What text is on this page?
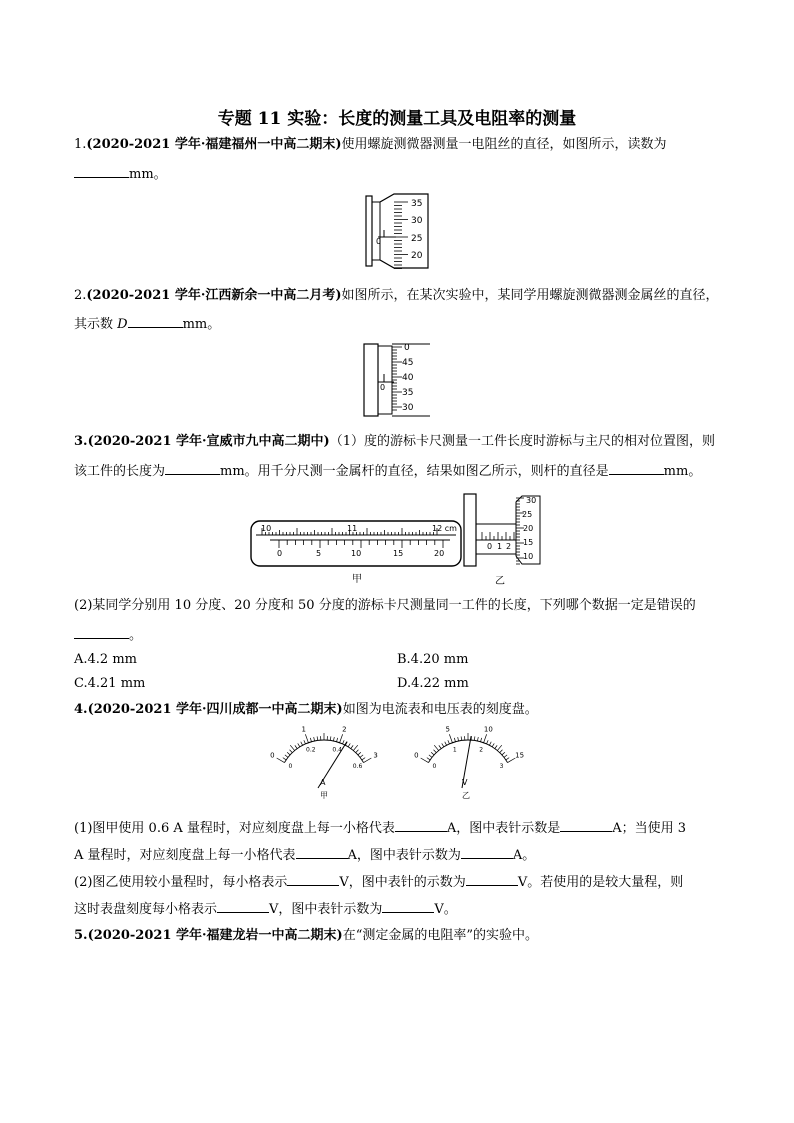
专题 11 实验：长度的测量工具及电阻率的测量
1.(2020-2021 学年·福建福州一中高二期末)使用螺旋测微器测量一电阻丝的直径，如图所示，读数为
mm。
35
30
25
20
0
2.(2020-2021 学年·江西新余一中高二月考)如图所示，在某次实验中，某同学用螺旋测微器测金属丝的直径，
其示数 D	mm。
0
45
40
35
30
0
3.(2020-2021 学年·宣威市九中高二期中)（1）度的游标卡尺测量一工件长度时游标与主尺的相对位置图，则
该工件的长度为	mm。用千分尺测一金属杆的直径，结果如图乙所示，则杆的直径是	mm。
10	11	12 cm
0	5	10	15	20
甲
0 1 2
30
25
20
15
10
乙
(2)某同学分别用 10 分度、20 分度和 50 分度的游标卡尺测量同一工件的长度，下列哪个数据一定是错误的
。
A.4.2 mm	B.4.20 mm
C.4.21 mm	D.4.22 mm
4.(2020-2021 学年·四川成都一中高二期末)如图为电流表和电压表的刻度盘。
0
1	2
3
0
0.2	0.4
0.6
A
甲
0
5	10
15
0
1	2
3
V
乙
(1)图甲使用 0.6 A 量程时，对应刻度盘上每一小格代表	A，图中表针示数是	A；当使用 3
A 量程时，对应刻度盘上每一小格代表	A，图中表针示数为	A。
(2)图乙使用较小量程时，每小格表示	V，图中表针的示数为	V。若使用的是较大量程，则
这时表盘刻度每小格表示	V，图中表针示数为	V。
5.(2020-2021 学年·福建龙岩一中高二期末)在“测定金属的电阻率”的实验中。
